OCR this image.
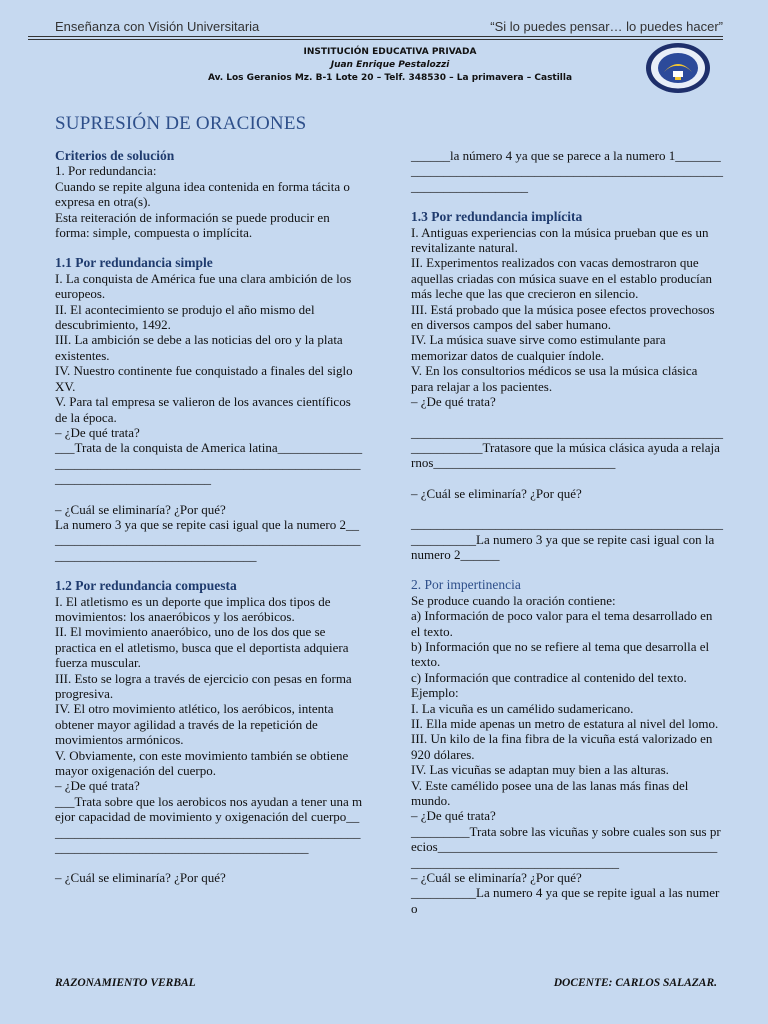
Enseñanza con Visión Universitaria	“Si lo puedes pensar… lo puedes hacer”
INSTITUCIÓN EDUCATIVA PRIVADA
Juan Enrique Pestalozzi
Av. Los Geranios Mz. B-1 Lote 20 – Telf. 348530 – La primavera – Castilla
SUPRESIÓN DE ORACIONES

Criterios de solución

1. Por redundancia:

Cuando se repite alguna idea contenida en forma tácita o expresa en otra(s).

Esta reiteración de información se puede producir en forma: simple, compuesta o implícita.

1.1 Por redundancia simple

I. La conquista de América fue una clara ambición de los europeos.

II. El acontecimiento se produjo el año mismo del descubrimiento, 1492.

III. La ambición se debe a las noticias del oro y la plata existentes.

IV. Nuestro continente fue conquistado a finales del siglo XV.

V. Para tal empresa se valieron de los avances científicos de la época.

– ¿De qué trata?

___Trata de la conquista de America latina____________________________________________________________________________________

– ¿Cuál se eliminaría? ¿Por qué?

La numero 3 ya que se repite casi igual que la numero 2________________________________________________________________________________

1.2 Por redundancia compuesta

I. El atletismo es un deporte que implica dos tipos de movimientos: los anaeróbicos y los aeróbicos.

II. El movimiento anaeróbico, uno de los dos que se practica en el atletismo, busca que el deportista adquiera fuerza muscular.

III. Esto se logra a través de ejercicio con pesas en forma progresiva.

IV. El otro movimiento atlético, los aeróbicos, intenta obtener mayor agilidad a través de la repetición de movimientos armónicos.

V. Obviamente, con este movimiento también se obtiene mayor oxigenación del cuerpo.

– ¿De qué trata?

___Trata sobre que los aerobicos nos ayudan a tener una mejor capacidad de movimiento y oxigenación del cuerpo________________________________________________________________________________________

– ¿Cuál se eliminaría? ¿Por qué?

______la número 4 ya que se parece a la numero 1_________________________________________________________________________

1.3 Por redundancia implícita

I. Antiguas experiencias con la música prueban que es un revitalizante natural.

II. Experimentos realizados con vacas demostraron que aquellas criadas con música suave en el establo producían más leche que las que crecieron en silencio.

III. Está probado que la música posee efectos provechosos en diversos campos del saber humano.

IV. La música suave sirve como estimulante para memorizar datos de cualquier índole.

V. En los consultorios médicos se usa la música clásica para relajar a los pacientes.

– ¿De qué trata?

___________________________________________________________Tratasore que la música clásica ayuda a relajarnos____________________________

– ¿Cuál se eliminaría? ¿Por qué?

__________________________________________________________La numero 3 ya que se repite casi igual con la numero 2______

2. Por impertinencia

Se produce cuando la oración contiene:

a) Información de poco valor para el tema desarrollado en el texto.

b) Información que no se refiere al tema que desarrolla el texto.

c) Información que contradice al contenido del texto.

Ejemplo:

I. La vicuña es un camélido sudamericano.

II. Ella mide apenas un metro de estatura al nivel del lomo.

III. Un kilo de la fina fibra de la vicuña está valorizado en 920 dólares.

IV. Las vicuñas se adaptan muy bien a las alturas.

V. Este camélido posee una de las lanas más finas del mundo.

– ¿De qué trata?

_________Trata sobre las vicuñas y sobre cuales son sus precios___________________________________________________________________________

– ¿Cuál se eliminaría? ¿Por qué?

__________La numero 4 ya que se repite igual a las numero

RAZONAMIENTO VERBAL	DOCENTE: CARLOS SALAZAR.
